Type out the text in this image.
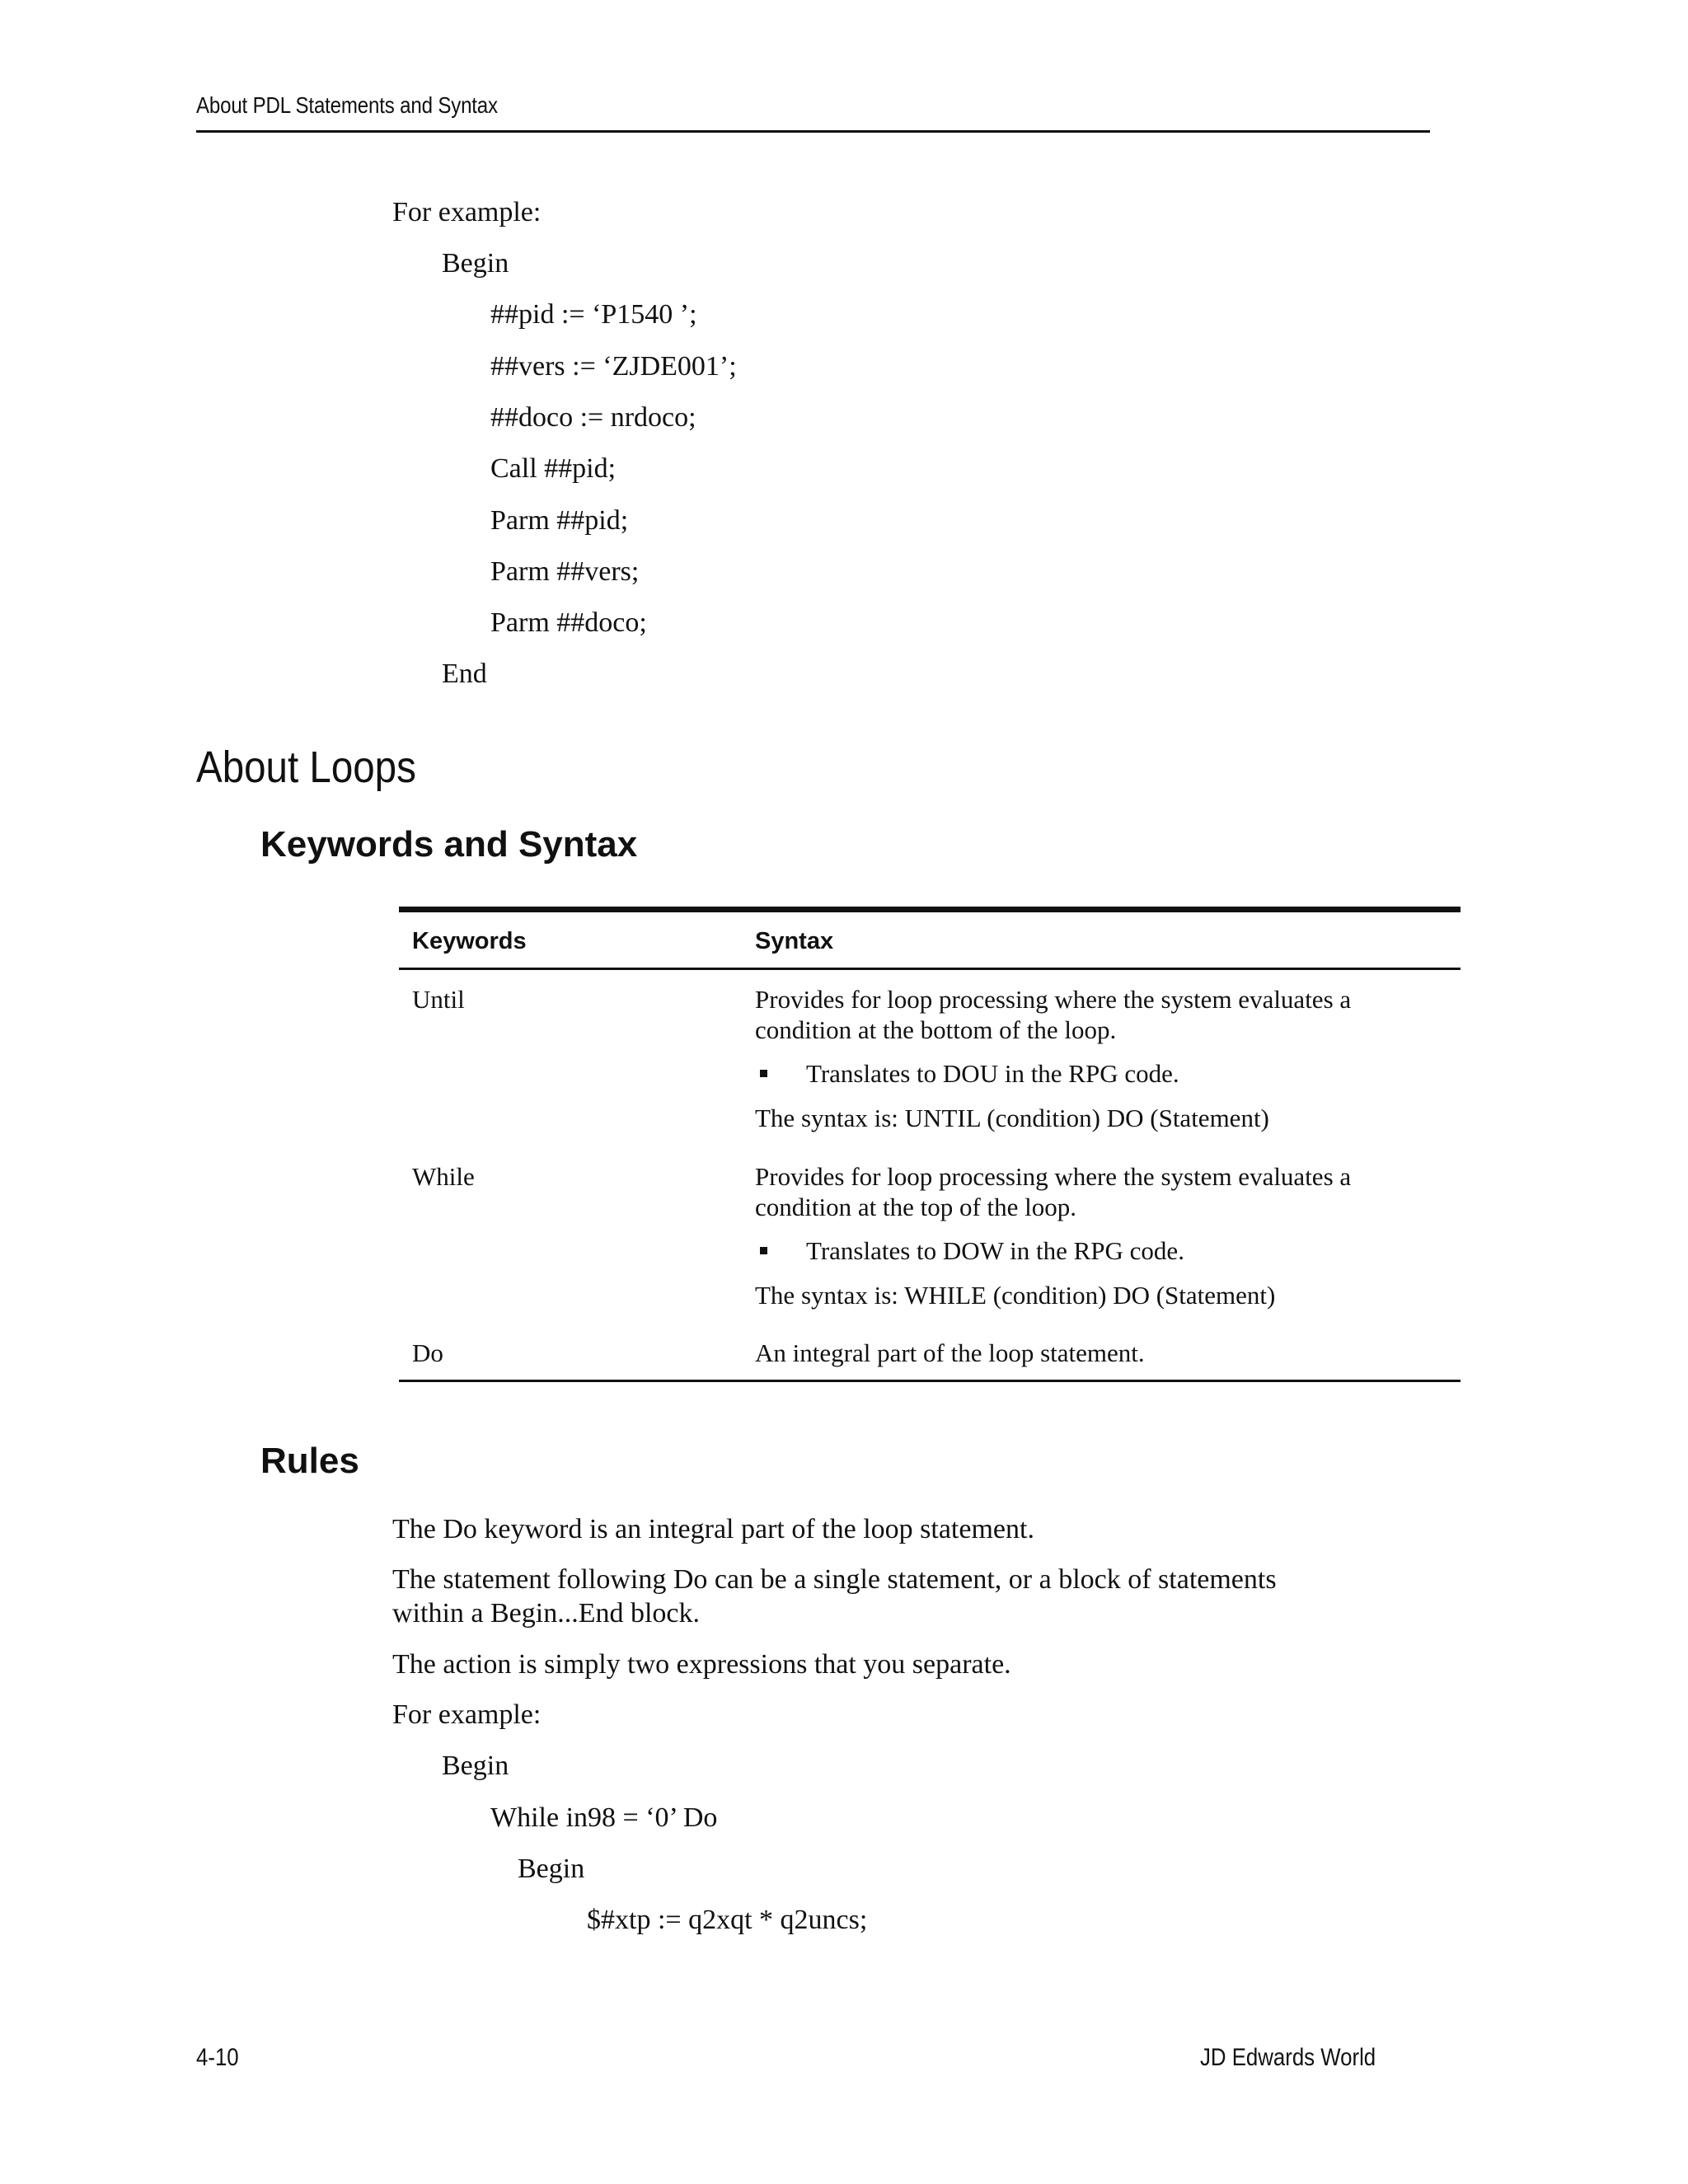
About PDL Statements and Syntax
For example:
Begin
##pid := ‘P1540 ’;
##vers := ‘ZJDE001’;
##doco := nrdoco;
Call ##pid;
Parm ##pid;
Parm ##vers;
Parm ##doco;
End
About Loops
Keywords and Syntax
Keywords	Syntax
Until	Provides for loop processing where the system evaluates a
condition at the bottom of the loop.
Translates to DOU in the RPG code.
The syntax is: UNTIL (condition) DO (Statement)
While	Provides for loop processing where the system evaluates a
condition at the top of the loop.
Translates to DOW in the RPG code.
The syntax is: WHILE (condition) DO (Statement)
Do	An integral part of the loop statement.
Rules
The Do keyword is an integral part of the loop statement.
The statement following Do can be a single statement, or a block of statements
within a Begin...End block.
The action is simply two expressions that you separate.
For example:
Begin
While in98 = ‘0’ Do
Begin
$#xtp := q2xqt * q2uncs;
4-10	JD Edwards World
